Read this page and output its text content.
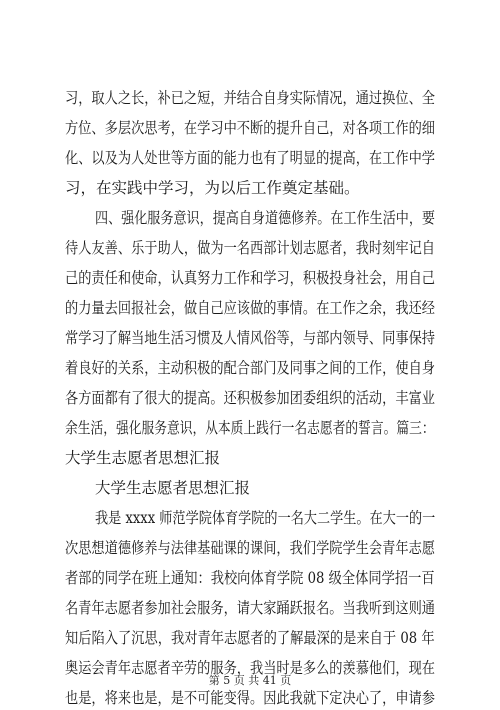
习，取人之长，补已之短，并结合自身实际情况，通过换位、全
方位、多层次思考，在学习中不断的提升自己，对各项工作的细
化、以及为人处世等方面的能力也有了明显的提高，在工作中学
习，在实践中学习，为以后工作奠定基础。
四、强化服务意识，提高自身道德修养。在工作生活中，要
待人友善、乐于助人，做为一名西部计划志愿者，我时刻牢记自
己的责任和使命，认真努力工作和学习，积极投身社会，用自己
的力量去回报社会，做自己应该做的事情。在工作之余，我还经
常学习了解当地生活习惯及人情风俗等，与部内领导、同事保持
着良好的关系，主动积极的配合部门及同事之间的工作，使自身
各方面都有了很大的提高。还积极参加团委组织的活动，丰富业
余生活，强化服务意识，从本质上践行一名志愿者的誓言。篇三：
大学生志愿者思想汇报
大学生志愿者思想汇报
我是 xxxx 师范学院体育学院的一名大二学生。在大一的一
次思想道德修养与法律基础课的课间，我们学院学生会青年志愿
者部的同学在班上通知：我校向体育学院 08 级全体同学招一百
名青年志愿者参加社会服务，请大家踊跃报名。当我听到这则通
知后陷入了沉思，我对青年志愿者的了解最深的是来自于 08 年
奥运会青年志愿者辛劳的服务，我当时是多么的羡慕他们，现在
也是，将来也是，是不可能变得。因此我就下定决心了，申请参
第 5 页 共 41 页
